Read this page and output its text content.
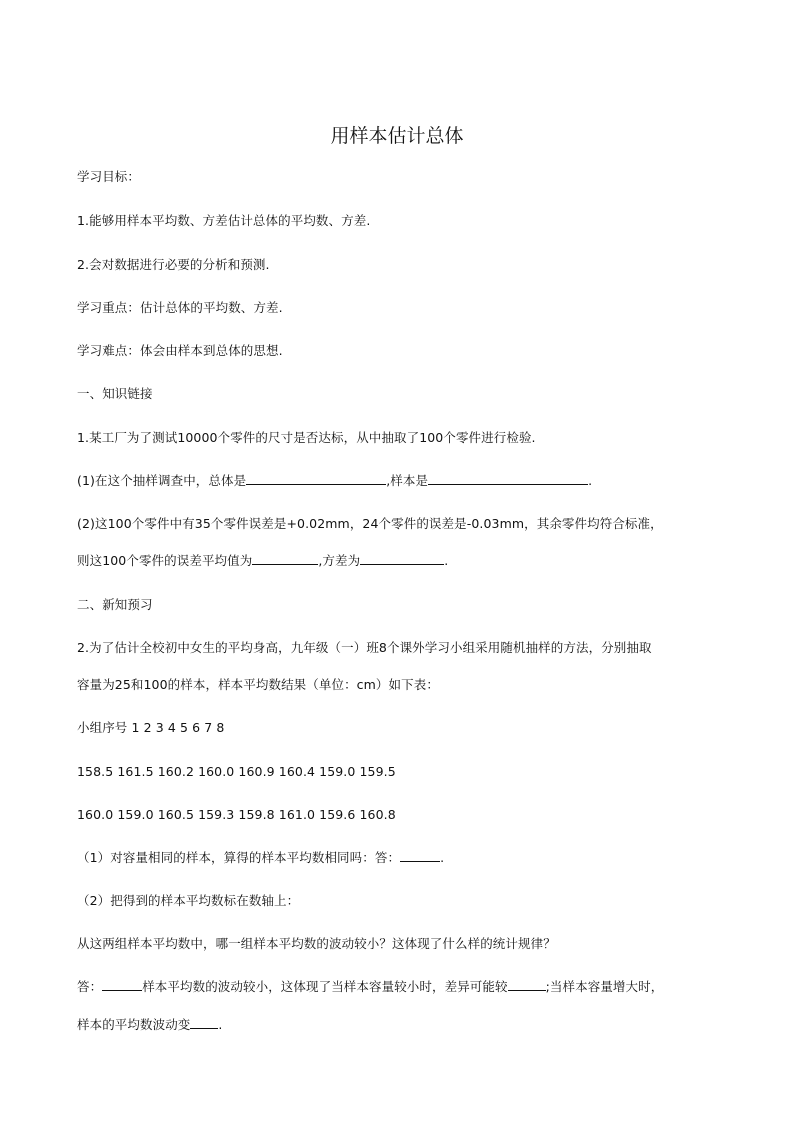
用样本估计总体
学习目标：
1.能够用样本平均数、方差估计总体的平均数、方差.
2.会对数据进行必要的分析和预测.
学习重点：估计总体的平均数、方差.
学习难点：体会由样本到总体的思想.
一、知识链接
1.某工厂为了测试10000个零件的尺寸是否达标，从中抽取了100个零件进行检验.
(1)在这个抽样调查中，总体是	,样本是	.
(2)这100个零件中有35个零件误差是+0.02mm，24个零件的误差是-0.03mm，其余零件均符合标准，
则这100个零件的误差平均值为	,方差为	.
二、新知预习
2.为了估计全校初中女生的平均身高，九年级（一）班8个课外学习小组采用随机抽样的方法，分别抽取
容量为25和100的样本，样本平均数结果（单位：cm）如下表：
小组序号 1 2 3 4 5 6 7 8
158.5 161.5 160.2 160.0 160.9 160.4 159.0 159.5
160.0 159.0 160.5 159.3 159.8 161.0 159.6 160.8
（1）对容量相同的样本，算得的样本平均数相同吗：答：	.
（2）把得到的样本平均数标在数轴上：
从这两组样本平均数中，哪一组样本平均数的波动较小？这体现了什么样的统计规律？
答：	样本平均数的波动较小，这体现了当样本容量较小时，差异可能较	;当样本容量增大时，
样本的平均数波动变 .
